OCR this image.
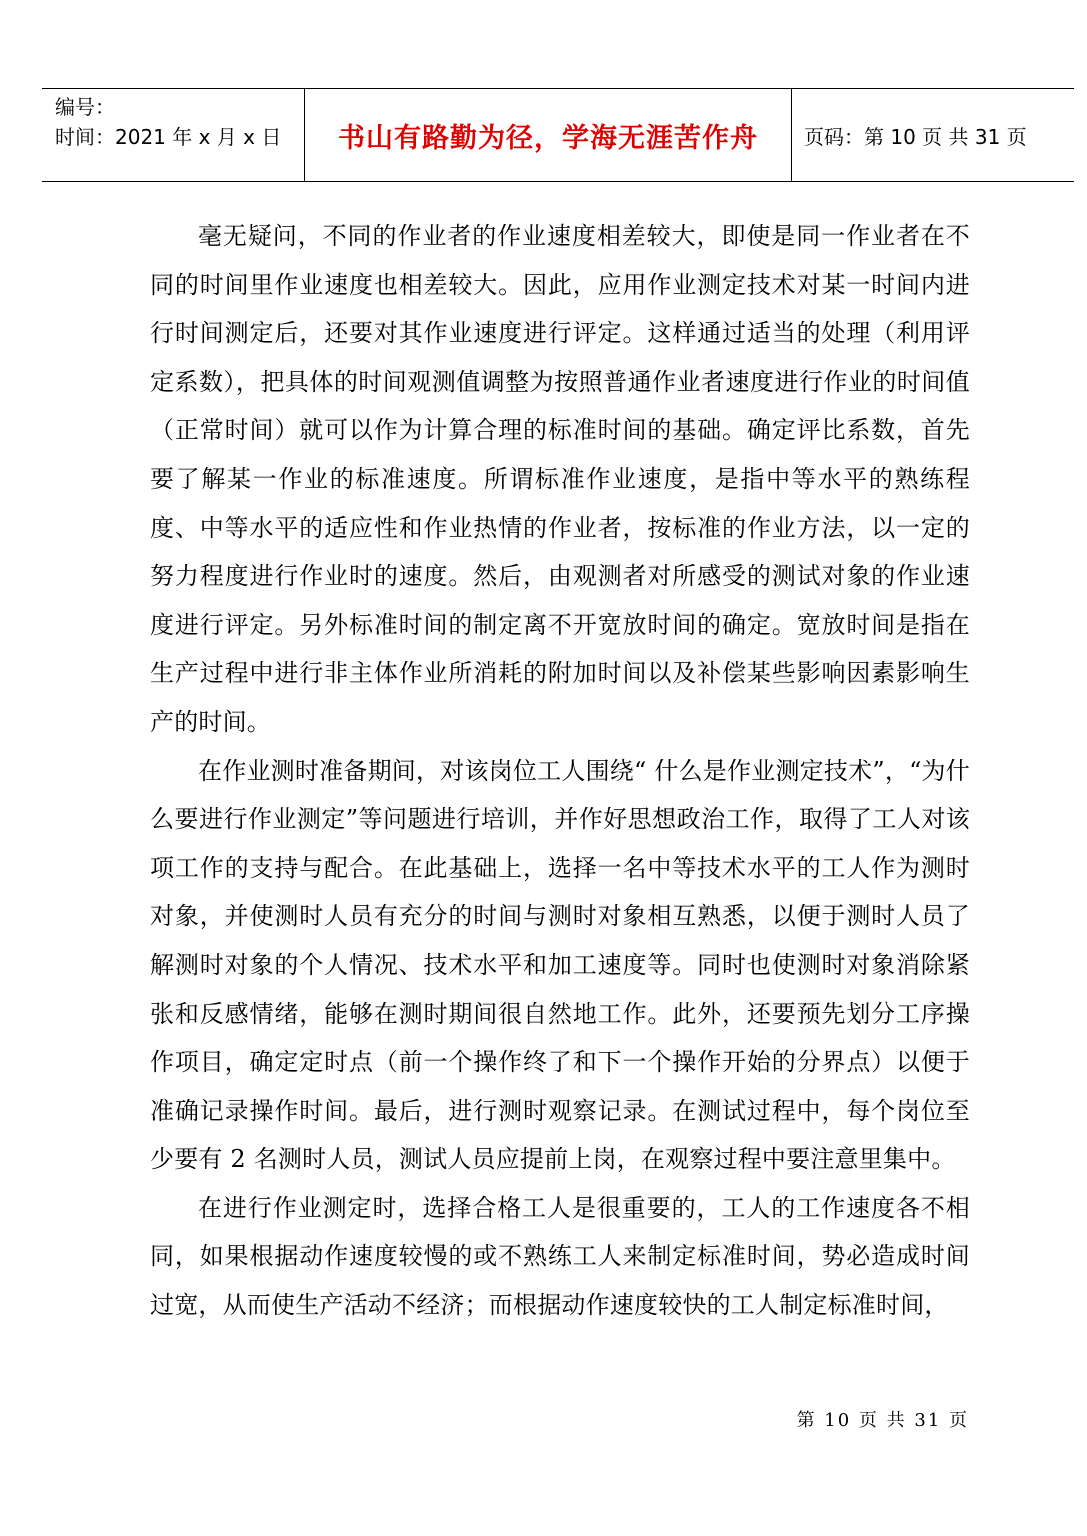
编号：
时间：2021 年 x 月 x 日	书山有路勤为径，学海无涯苦作舟 页码：第 10 页 共 31 页

毫无疑问，不同的作业者的作业速度相差较大，即使是同一作业者在不同的时间里作业速度也相差较大。因此，应用作业测定技术对某一时间内进行时间测定后，还要对其作业速度进行评定。这样通过适当的处理（利用评定系数），把具体的时间观测值调整为按照普通作业者速度进行作业的时间值（正常时间）就可以作为计算合理的标准时间的基础。确定评比系数，首先要了解某一作业的标准速度。所谓标准作业速度，是指中等水平的熟练程度、中等水平的适应性和作业热情的作业者，按标准的作业方法，以一定的努力程度进行作业时的速度。然后，由观测者对所感受的测试对象的作业速度进行评定。另外标准时间的制定离不开宽放时间的确定。宽放时间是指在生产过程中进行非主体作业所消耗的附加时间以及补偿某些影响因素影响生产的时间。

在作业测时准备期间，对该岗位工人围绕“ 什么是作业测定技术”，“为什么要进行作业测定”等问题进行培训，并作好思想政治工作，取得了工人对该项工作的支持与配合。在此基础上，选择一名中等技术水平的工人作为测时对象，并使测时人员有充分的时间与测时对象相互熟悉，以便于测时人员了解测时对象的个人情况、技术水平和加工速度等。同时也使测时对象消除紧张和反感情绪，能够在测时期间很自然地工作。此外，还要预先划分工序操作项目，确定定时点（前一个操作终了和下一个操作开始的分界点）以便于准确记录操作时间。最后，进行测时观察记录。在测试过程中，每个岗位至少要有 2 名测时人员，测试人员应提前上岗，在观察过程中要注意里集中。

在进行作业测定时，选择合格工人是很重要的，工人的工作速度各不相同，如果根据动作速度较慢的或不熟练工人来制定标准时间，势必造成时间过宽，从而使生产活动不经济；而根据动作速度较快的工人制定标准时间，

第 10 页 共 31 页
